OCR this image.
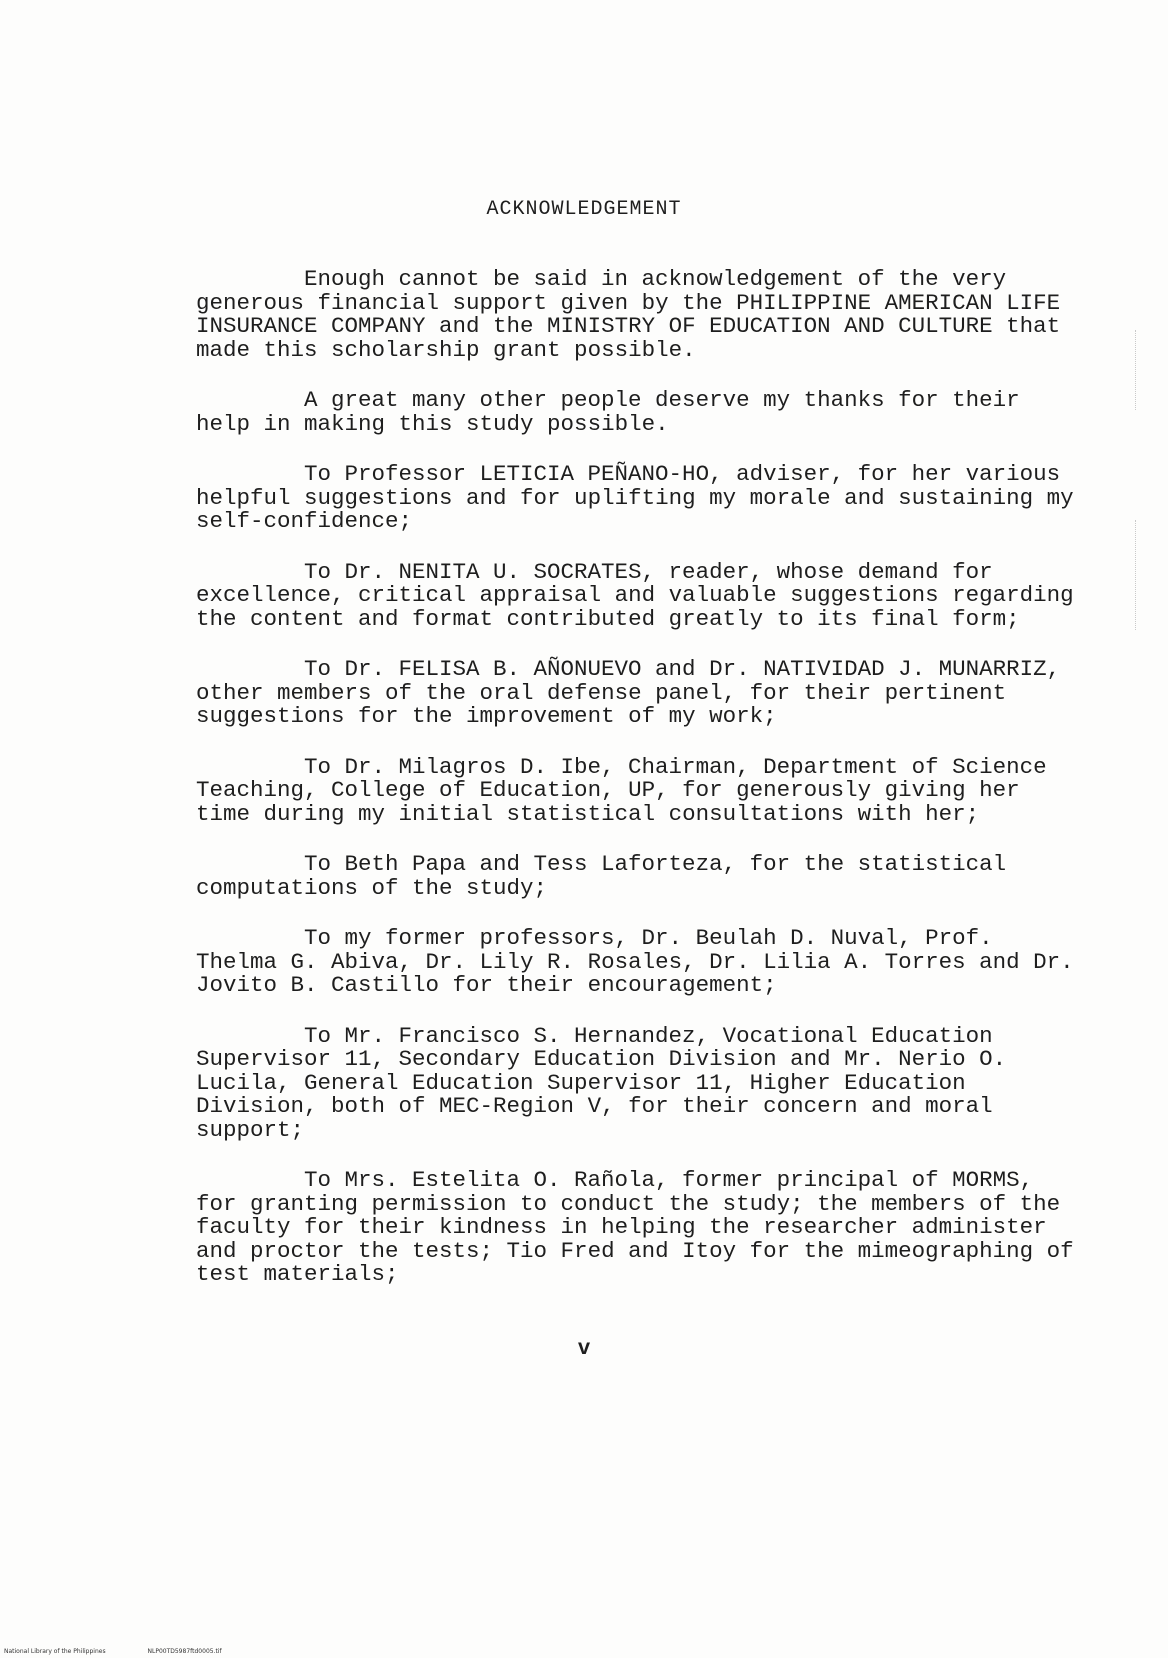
ACKNOWLEDGEMENT

Enough cannot be said in acknowledgement of the very generous financial support given by the PHILIPPINE AMERICAN LIFE INSURANCE COMPANY and the MINISTRY OF EDUCATION AND CULTURE that made this scholarship grant possible.

A great many other people deserve my thanks for their help in making this study possible.

To Professor LETICIA PEÑANO-HO, adviser, for her various helpful suggestions and for uplifting my morale and sustaining my self-confidence;

To Dr. NENITA U. SOCRATES, reader, whose demand for excellence, critical appraisal and valuable suggestions regarding the content and format contributed greatly to its final form;

To Dr. FELISA B. AÑONUEVO and Dr. NATIVIDAD J. MUNARRIZ, other members of the oral defense panel, for their pertinent suggestions for the improvement of my work;

To Dr. Milagros D. Ibe, Chairman, Department of Science Teaching, College of Education, UP, for generously giving her time during my initial statistical consultations with her;

To Beth Papa and Tess Laforteza, for the statistical computations of the study;

To my former professors, Dr. Beulah D. Nuval, Prof. Thelma G. Abiva, Dr. Lily R. Rosales, Dr. Lilia A. Torres and Dr. Jovito B. Castillo for their encouragement;

To Mr. Francisco S. Hernandez, Vocational Education Supervisor 11, Secondary Education Division and Mr. Nerio O. Lucila, General Education Supervisor 11, Higher Education Division, both of MEC-Region V, for their concern and moral support;

To Mrs. Estelita O. Rañola, former principal of MORMS, for granting permission to conduct the study; the members of the faculty for their kindness in helping the researcher administer and proctor the tests; Tio Fred and Itoy for the mimeographing of test materials;

v

National Library of the Philippines	NLP00TD5987ftd0005.tif
